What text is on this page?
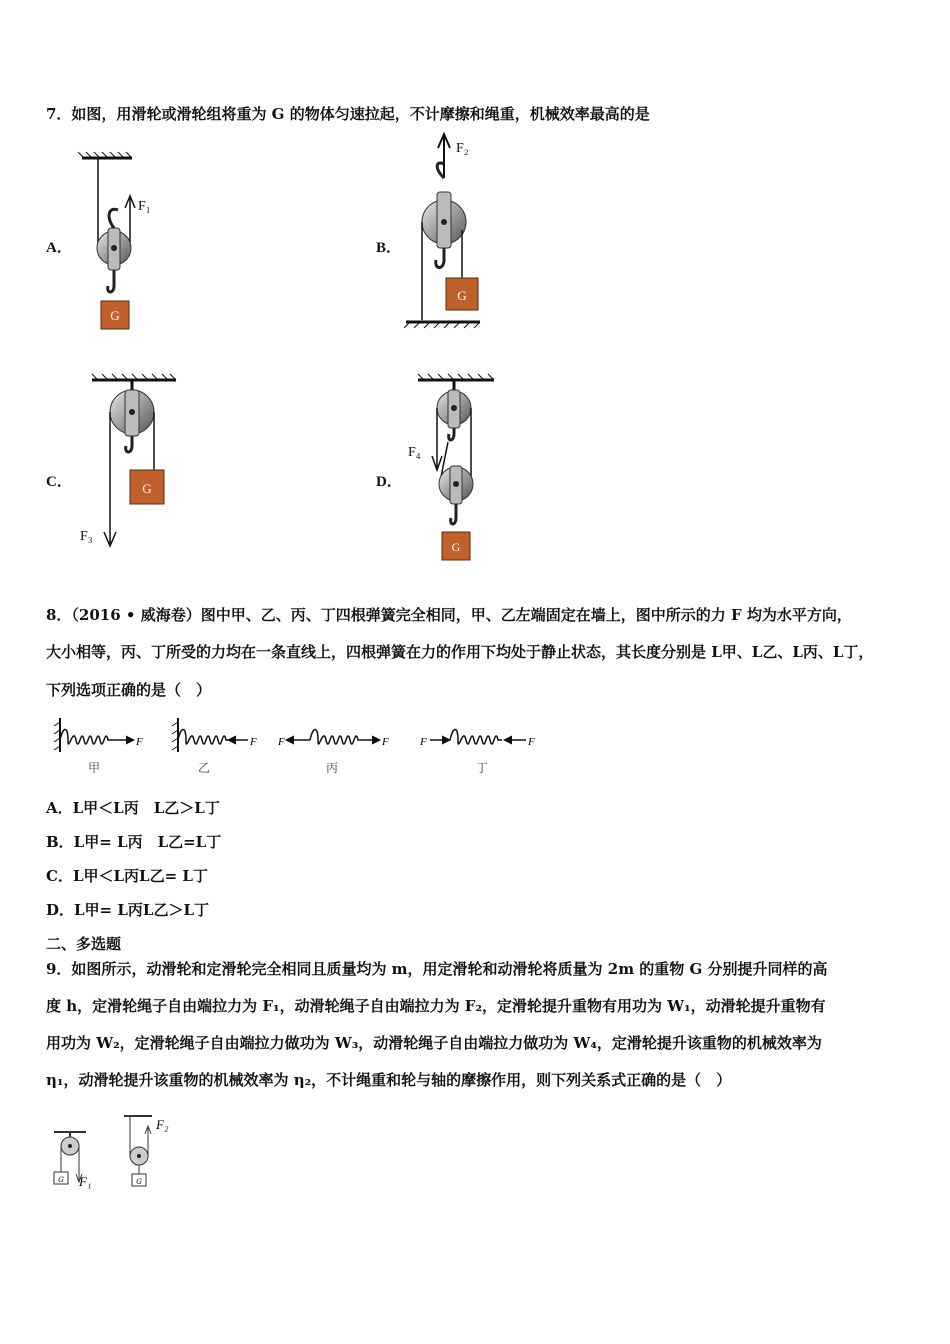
7．如图，用滑轮或滑轮组将重为 G 的物体匀速拉起，不计摩擦和绳重，机械效率最高的是
A．	B．
C．	D．
G
F₁
G
F₂
G
F₃
G
F₄
8．（2016 • 威海卷）图中甲、乙、丙、丁四根弹簧完全相同，甲、乙左端固定在墙上，图中所示的力 F 均为水平方向，
大小相等，丙、丁所受的力均在一条直线上，四根弹簧在力的作用下均处于静止状态，其长度分别是 L甲、L乙、L丙、L丁，
下列选项正确的是（　）
F
甲
F
乙
F	F
丙
F	F
丁
A．L甲＜L丙　L乙＞L丁
B．L甲= L丙　L乙=L丁
C．L甲＜L丙L乙= L丁
D．L甲= L丙L乙＞L丁
二、多选题
9．如图所示，动滑轮和定滑轮完全相同且质量均为 m，用定滑轮和动滑轮将质量为 2m 的重物 G 分别提升同样的高
度 h，定滑轮绳子自由端拉力为 F₁，动滑轮绳子自由端拉力为 F₂，定滑轮提升重物有用功为 W₁，动滑轮提升重物有
用功为 W₂，定滑轮绳子自由端拉力做功为 W₃，动滑轮绳子自由端拉力做功为 W₄，定滑轮提升该重物的机械效率为
η₁，动滑轮提升该重物的机械效率为 η₂，不计绳重和轮与轴的摩擦作用，则下列关系式正确的是（　）
G F₁	G
F₂
